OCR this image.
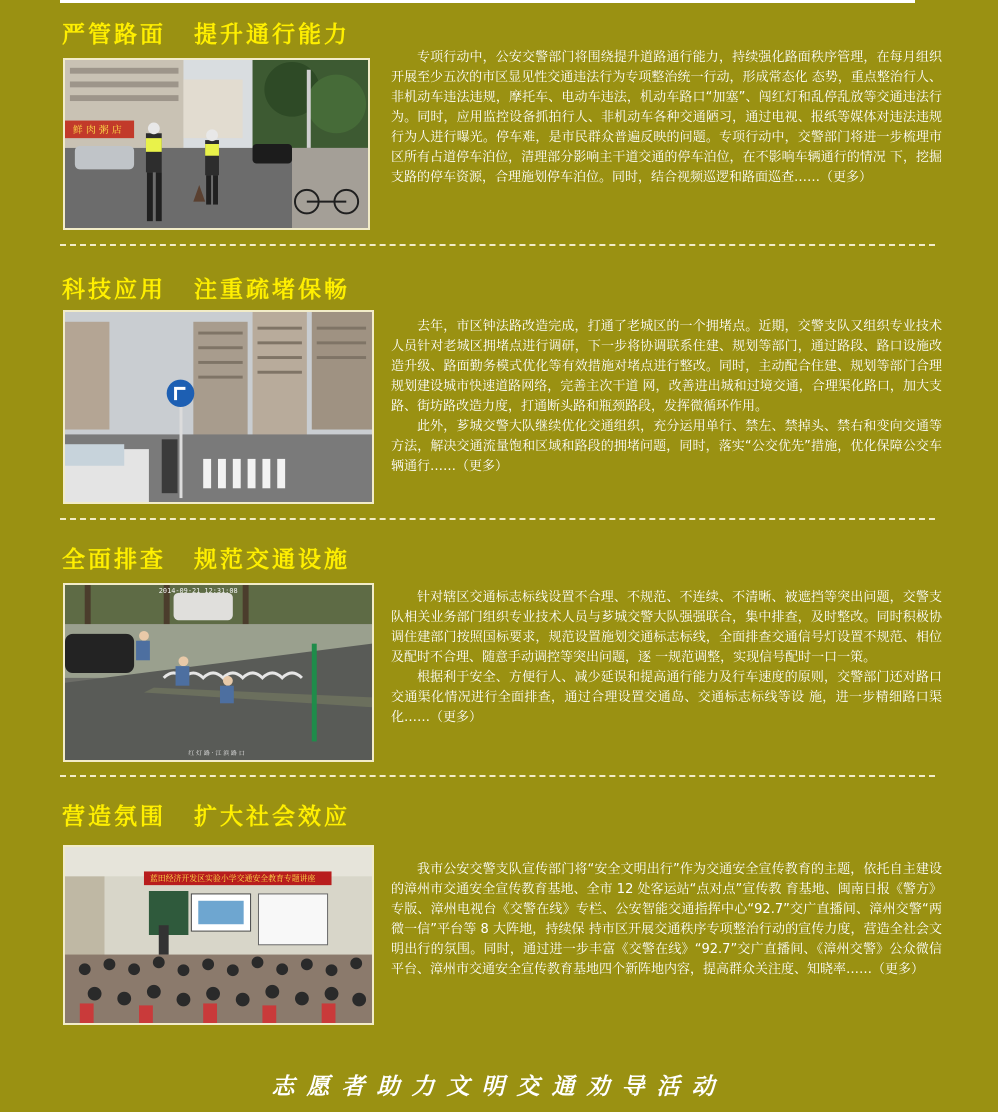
严管路面 提升通行能力
鲜 肉 粥 店

专项行动中，公安交警部门将围绕提升道路通行能力，持续强化路面秩序管理，在每月组织开展至少五次的市区显见性交通违法行为专项整治统一行动，形成常态化 态势，重点整治行人、非机动车违法违规，摩托车、电动车违法，机动车路口“加塞”、闯红灯和乱停乱放等交通违法行为。同时，应用监控设备抓拍行人、非机动车各种交通陋习，通过电视、报纸等媒体对违法违规行为人进行曝光。停车难，是市民群众普遍反映的问题。专项行动中，交警部门将进一步梳理市区所有占道停车泊位，清理部分影响主干道交通的停车泊位，在不影响车辆通行的情况 下，挖掘支路的停车资源，合理施划停车泊位。同时，结合视频巡逻和路面巡查……（更多）

科技应用 注重疏堵保畅

去年，市区钟法路改造完成，打通了老城区的一个拥堵点。近期，交警支队又组织专业技术人员针对老城区拥堵点进行调研，下一步将协调联系住建、规划等部门，通过路段、路口设施改造升级、路面勤务模式优化等有效措施对堵点进行整改。同时，主动配合住建、规划等部门合理规划建设城市快速道路网络，完善主次干道 网，改善进出城和过境交通，合理渠化路口，加大支路、街坊路改造力度，打通断头路和瓶颈路段，发挥微循环作用。

此外，芗城交警大队继续优化交通组织，充分运用单行、禁左、禁掉头、禁右和变向交通等方法，解决交通流量饱和区域和路段的拥堵问题，同时，落实“公交优先”措施，优化保障公交车辆通行……（更多）

全面排查 规范交通设施
2014-09-21 12:31:08
红 灯 路 · 江 滨 路 口

针对辖区交通标志标线设置不合理、不规范、不连续、不清晰、被遮挡等突出问题，交警支队相关业务部门组织专业技术人员与芗城交警大队强强联合，集中排查，及时整改。同时积极协调住建部门按照国标要求，规范设置施划交通标志标线，全面排查交通信号灯设置不规范、相位及配时不合理、随意手动调控等突出问题，逐 一规范调整，实现信号配时一口一策。

根据利于安全、方便行人、减少延误和提高通行能力及行车速度的原则，交警部门还对路口交通渠化情况进行全面排查，通过合理设置交通岛、交通标志标线等设 施，进一步精细路口渠化……（更多）

营造氛围 扩大社会效应
蓝田经济开发区实验小学交通安全教育专题讲座

我市公安交警支队宣传部门将“安全文明出行”作为交通安全宣传教育的主题，依托自主建设的漳州市交通安全宣传教育基地、全市 12 处客运站“点对点”宣传教 育基地、闽南日报《警方》专版、漳州电视台《交警在线》专栏、公安智能交通指挥中心“92.7”交广直播间、漳州交警“两微一信”平台等 8 大阵地，持续保 持市区开展交通秩序专项整治行动的宣传力度，营造全社会文明出行的氛围。同时，通过进一步丰富《交警在线》“92.7”交广直播间、《漳州交警》公众微信 平台、漳州市交通安全宣传教育基地四个新阵地内容，提高群众关注度、知晓率……（更多）

志愿者助力文明交通劝导活动
